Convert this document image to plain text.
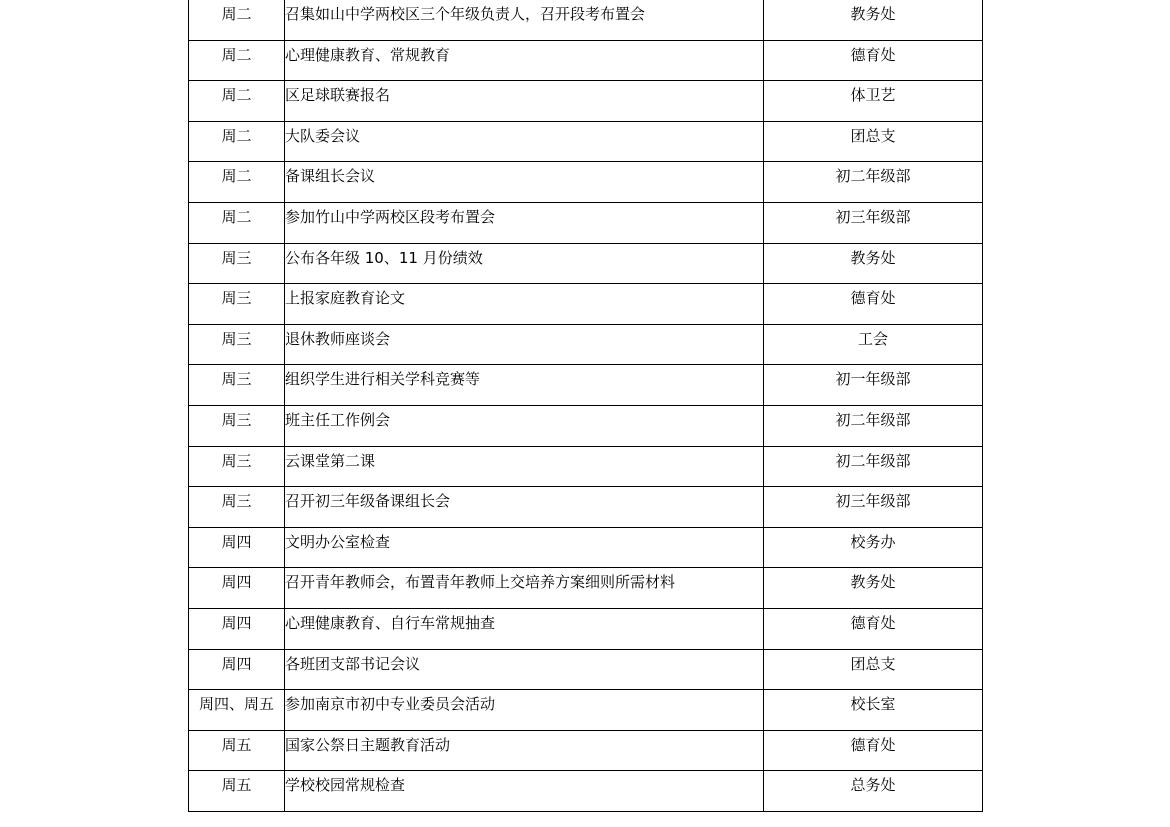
周二	召集如山中学两校区三个年级负责人，召开段考布置会	教务处
周二	心理健康教育、常规教育	德育处
周二	区足球联赛报名	体卫艺
周二	大队委会议	团总支
周二	备课组长会议	初二年级部
周二	参加竹山中学两校区段考布置会	初三年级部
周三	公布各年级 10、11 月份绩效	教务处
周三	上报家庭教育论文	德育处
周三	退休教师座谈会	工会
周三	组织学生进行相关学科竞赛等	初一年级部
周三	班主任工作例会	初二年级部
周三	云课堂第二课	初二年级部
周三	召开初三年级备课组长会	初三年级部
周四	文明办公室检查	校务办
周四	召开青年教师会，布置青年教师上交培养方案细则所需材料	教务处
周四	心理健康教育、自行车常规抽查	德育处
周四	各班团支部书记会议	团总支
周四、周五	参加南京市初中专业委员会活动	校长室
周五	国家公祭日主题教育活动	德育处
周五	学校校园常规检查	总务处
